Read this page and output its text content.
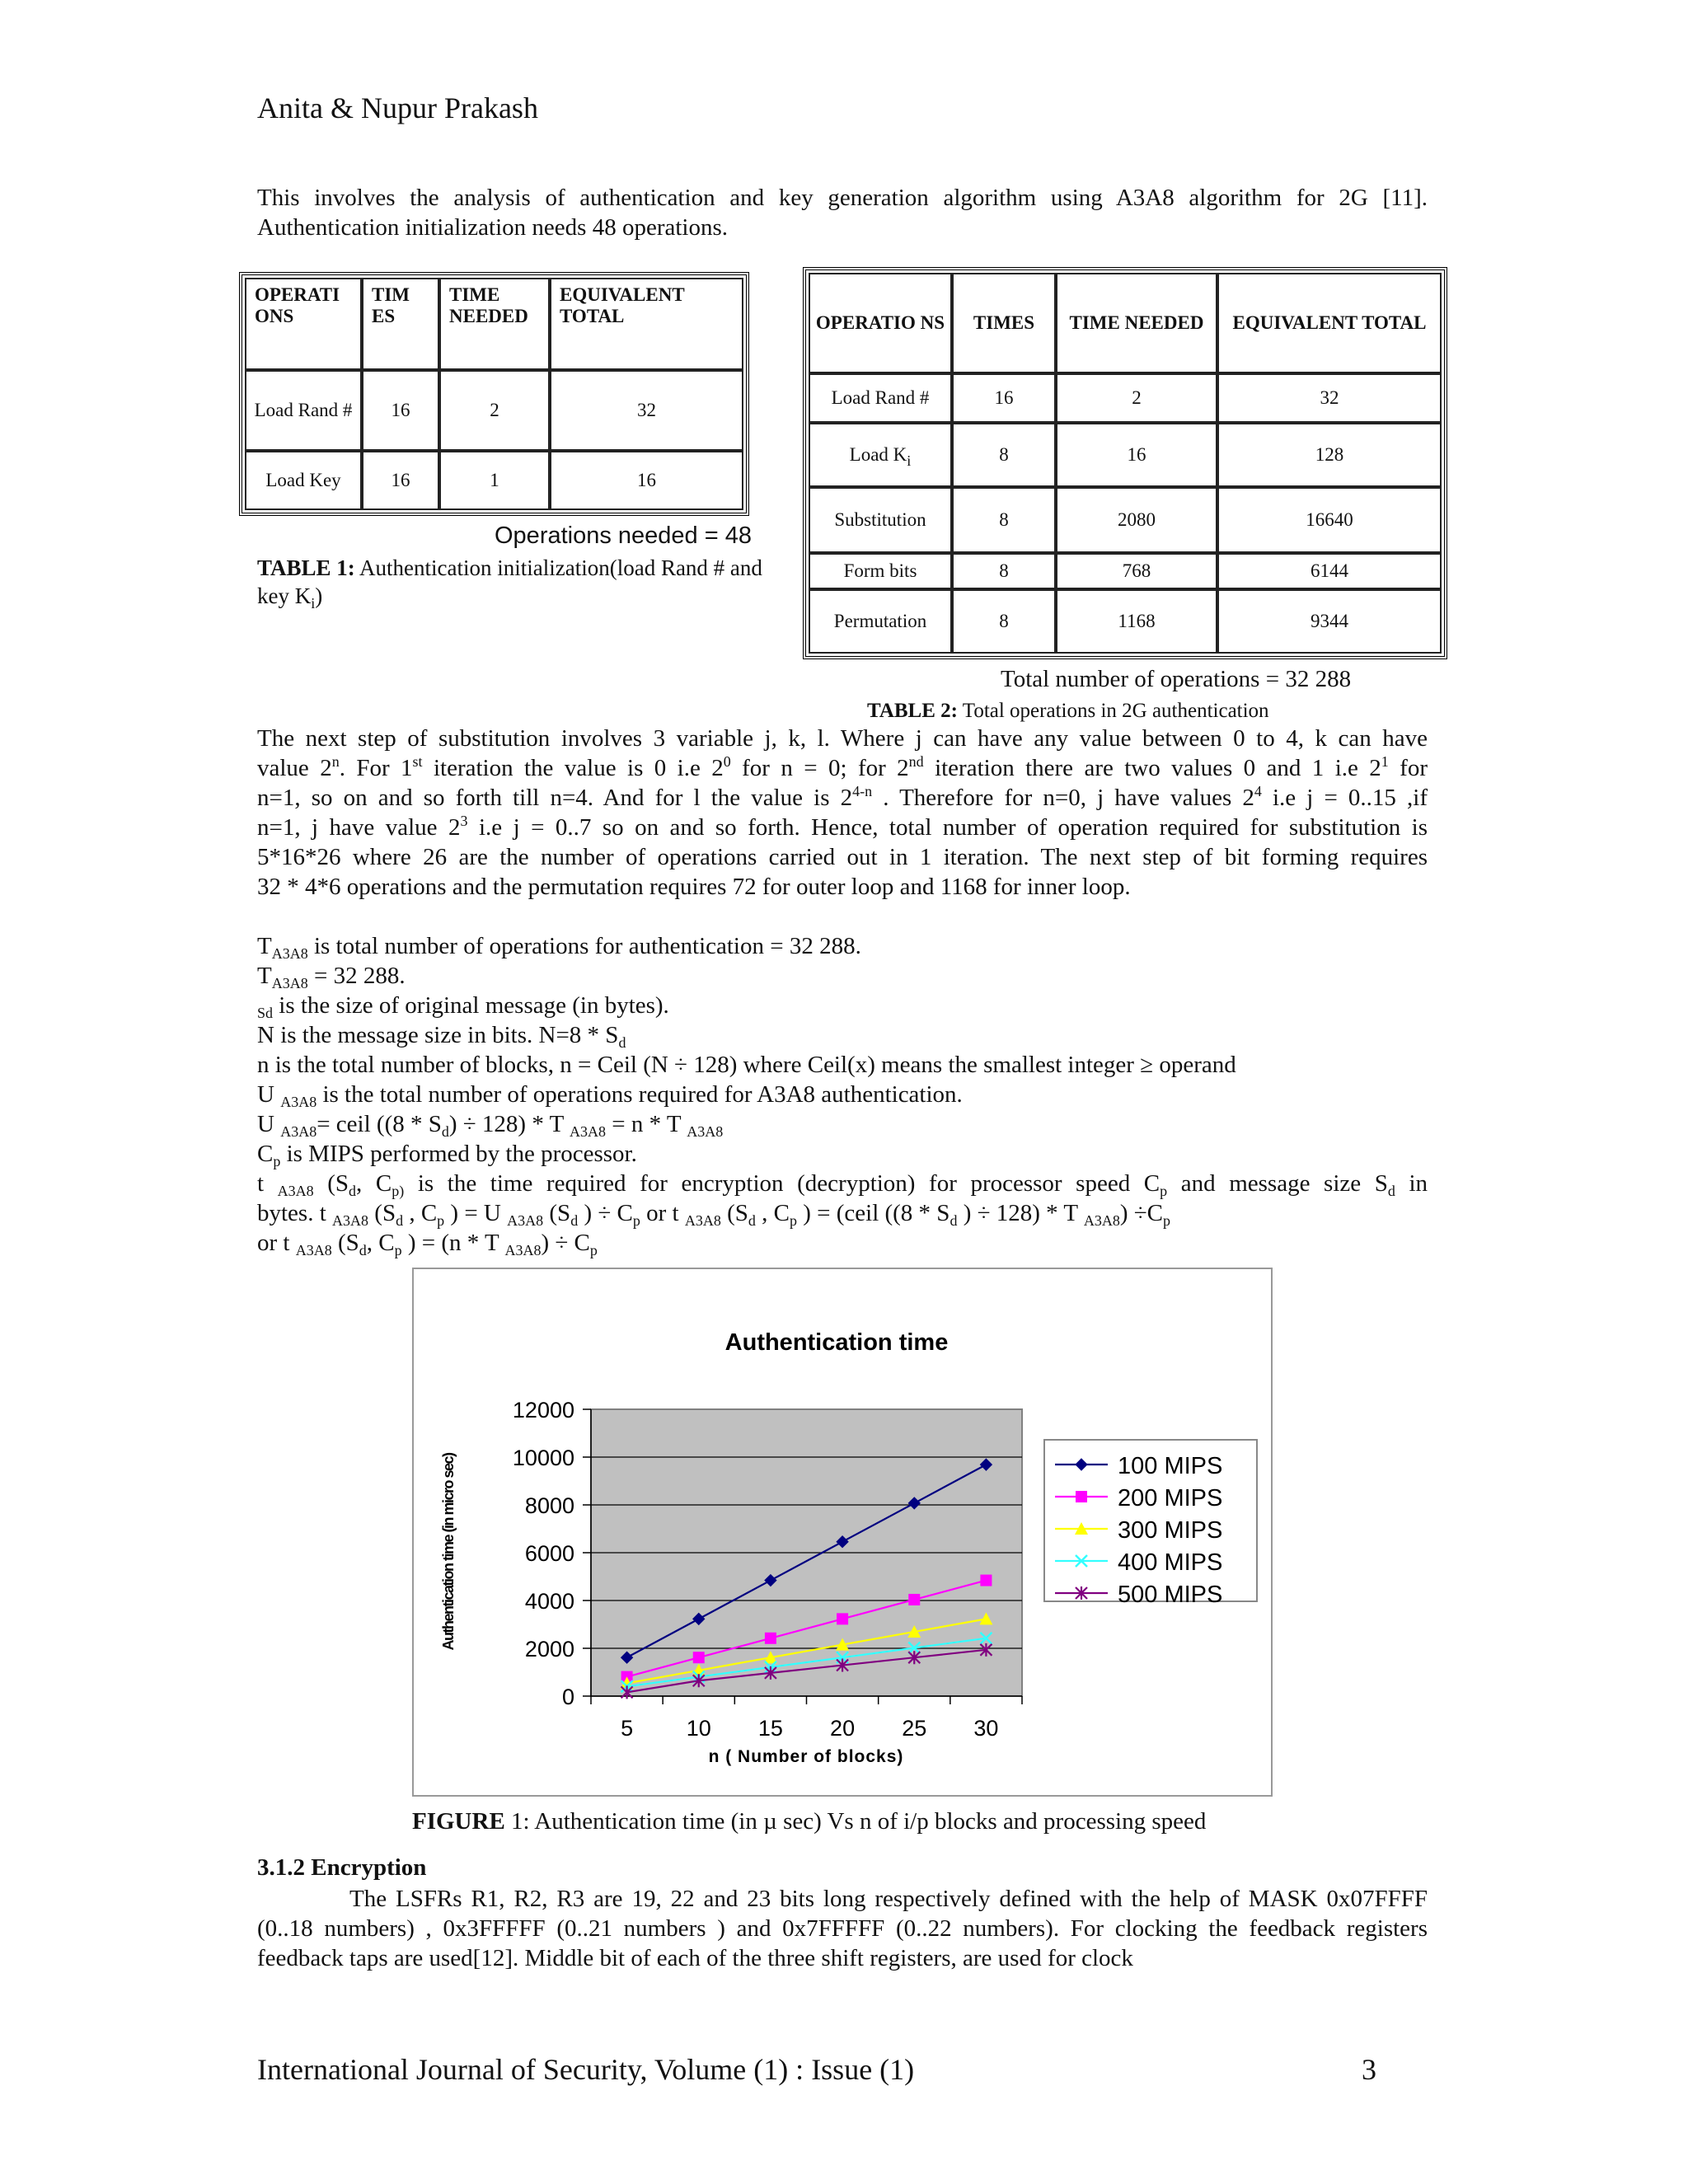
Anita & Nupur Prakash
This involves the analysis of authentication and key generation algorithm using A3A8 algorithm for 2G [11]. Authentication initialization needs 48 operations.
OPERATI ONS	TIM ES	TIME NEEDED	EQUIVALENT TOTAL
Load Rand #	16	2	32
Load Key	16	1	16
Operations needed = 48
TABLE 1: Authentication initialization(load Rand # and key $K_i$)
OPERATIO NS	TIMES	TIME NEEDED	EQUIVALENT TOTAL
Load Rand #	16	2	32
Load $K_i$	8	16	128
Substitution	8	2080	16640
Form bits	8	768	6144
Permutation	8	1168	9344
Total number of operations = 32 288
TABLE 2: Total operations in 2G authentication
The next step of substitution involves 3 variable j, k, l. Where j can have any value between 0 to 4, k can have
value 2$^n$. For 1st iteration the value is 0 i.e $2^0$ for n = 0; for 2nd iteration there are two values 0 and 1 i.e $2^1$ for
n=1, so on and so forth till n=4. And for l the value is 2$^{4-n}$ . Therefore for n=0, j have values $2^4$ i.e j = 0..15 ,if
n=1, j have value $2^3$ i.e j = 0..7 so on and so forth. Hence, total number of operation required for substitution is
5*16*26 where 26 are the number of operations carried out in 1 iteration. The next step of bit forming requires
32 * 4*6 operations and the permutation requires 72 for outer loop and 1168 for inner loop.
$T_{A3A8}$ is total number of operations for authentication = 32 288.
$T_{A3A8} = 32$ 288.
$_{Sd}$ is the size of original message (in bytes).
N is the message size in bits. $N=8 * S_d$
n is the total number of blocks, n = Ceil (N ÷ 128) where Ceil(x) means the smallest integer ≥ operand
U $_{A3A8}$ is the total number of operations required for A3A8 authentication.
U $_{A3A8}$= ceil $((8 * S_d) \div 128) * T$ $_{A3A8}$ = n * T $_{A3A8}$
$C_p$ is MIPS performed by the processor.
t $_{A3A8}$ ($S_d$, $C_{p)}$ is the time required for encryption (decryption) for processor speed $C_p$ and message size $S_d$ in
bytes. t $_{A3A8}$ ($S_d$ , $C_p$ ) = U $_{A3A8}$ ($S_d$ ) ÷ $C_p$ or t $_{A3A8}$ ($S_d$ , $C_p$ ) = (ceil (($8 * S_d$ ) ÷ 128) * T $_{A3A8}) \div C_p$
or t $_{A3A8}$ ($S_d$, $C_p$ ) = (n * T $_{A3A8}) \div C_p$
Authentication time
0
2000
4000
6000
8000
10000
12000
5 10 15 20 25 30
Authentication time (in micro sec)
n ( Number of blocks)
100 MIPS
200 MIPS
300 MIPS
400 MIPS
500 MIPS
FIGURE 1: Authentication time (in µ sec) Vs n of i/p blocks and processing speed
3.1.2 Encryption
The LSFRs R1, R2, R3 are 19, 22 and 23 bits long respectively defined with the help of MASK 0x07FFFF (0..18 numbers) , 0x3FFFFF (0..21 numbers ) and 0x7FFFFF (0..22 numbers). For clocking the feedback registers feedback taps are used[12]. Middle bit of each of the three shift registers, are used for clock
International Journal of Security, Volume (1) : Issue (1)	3
